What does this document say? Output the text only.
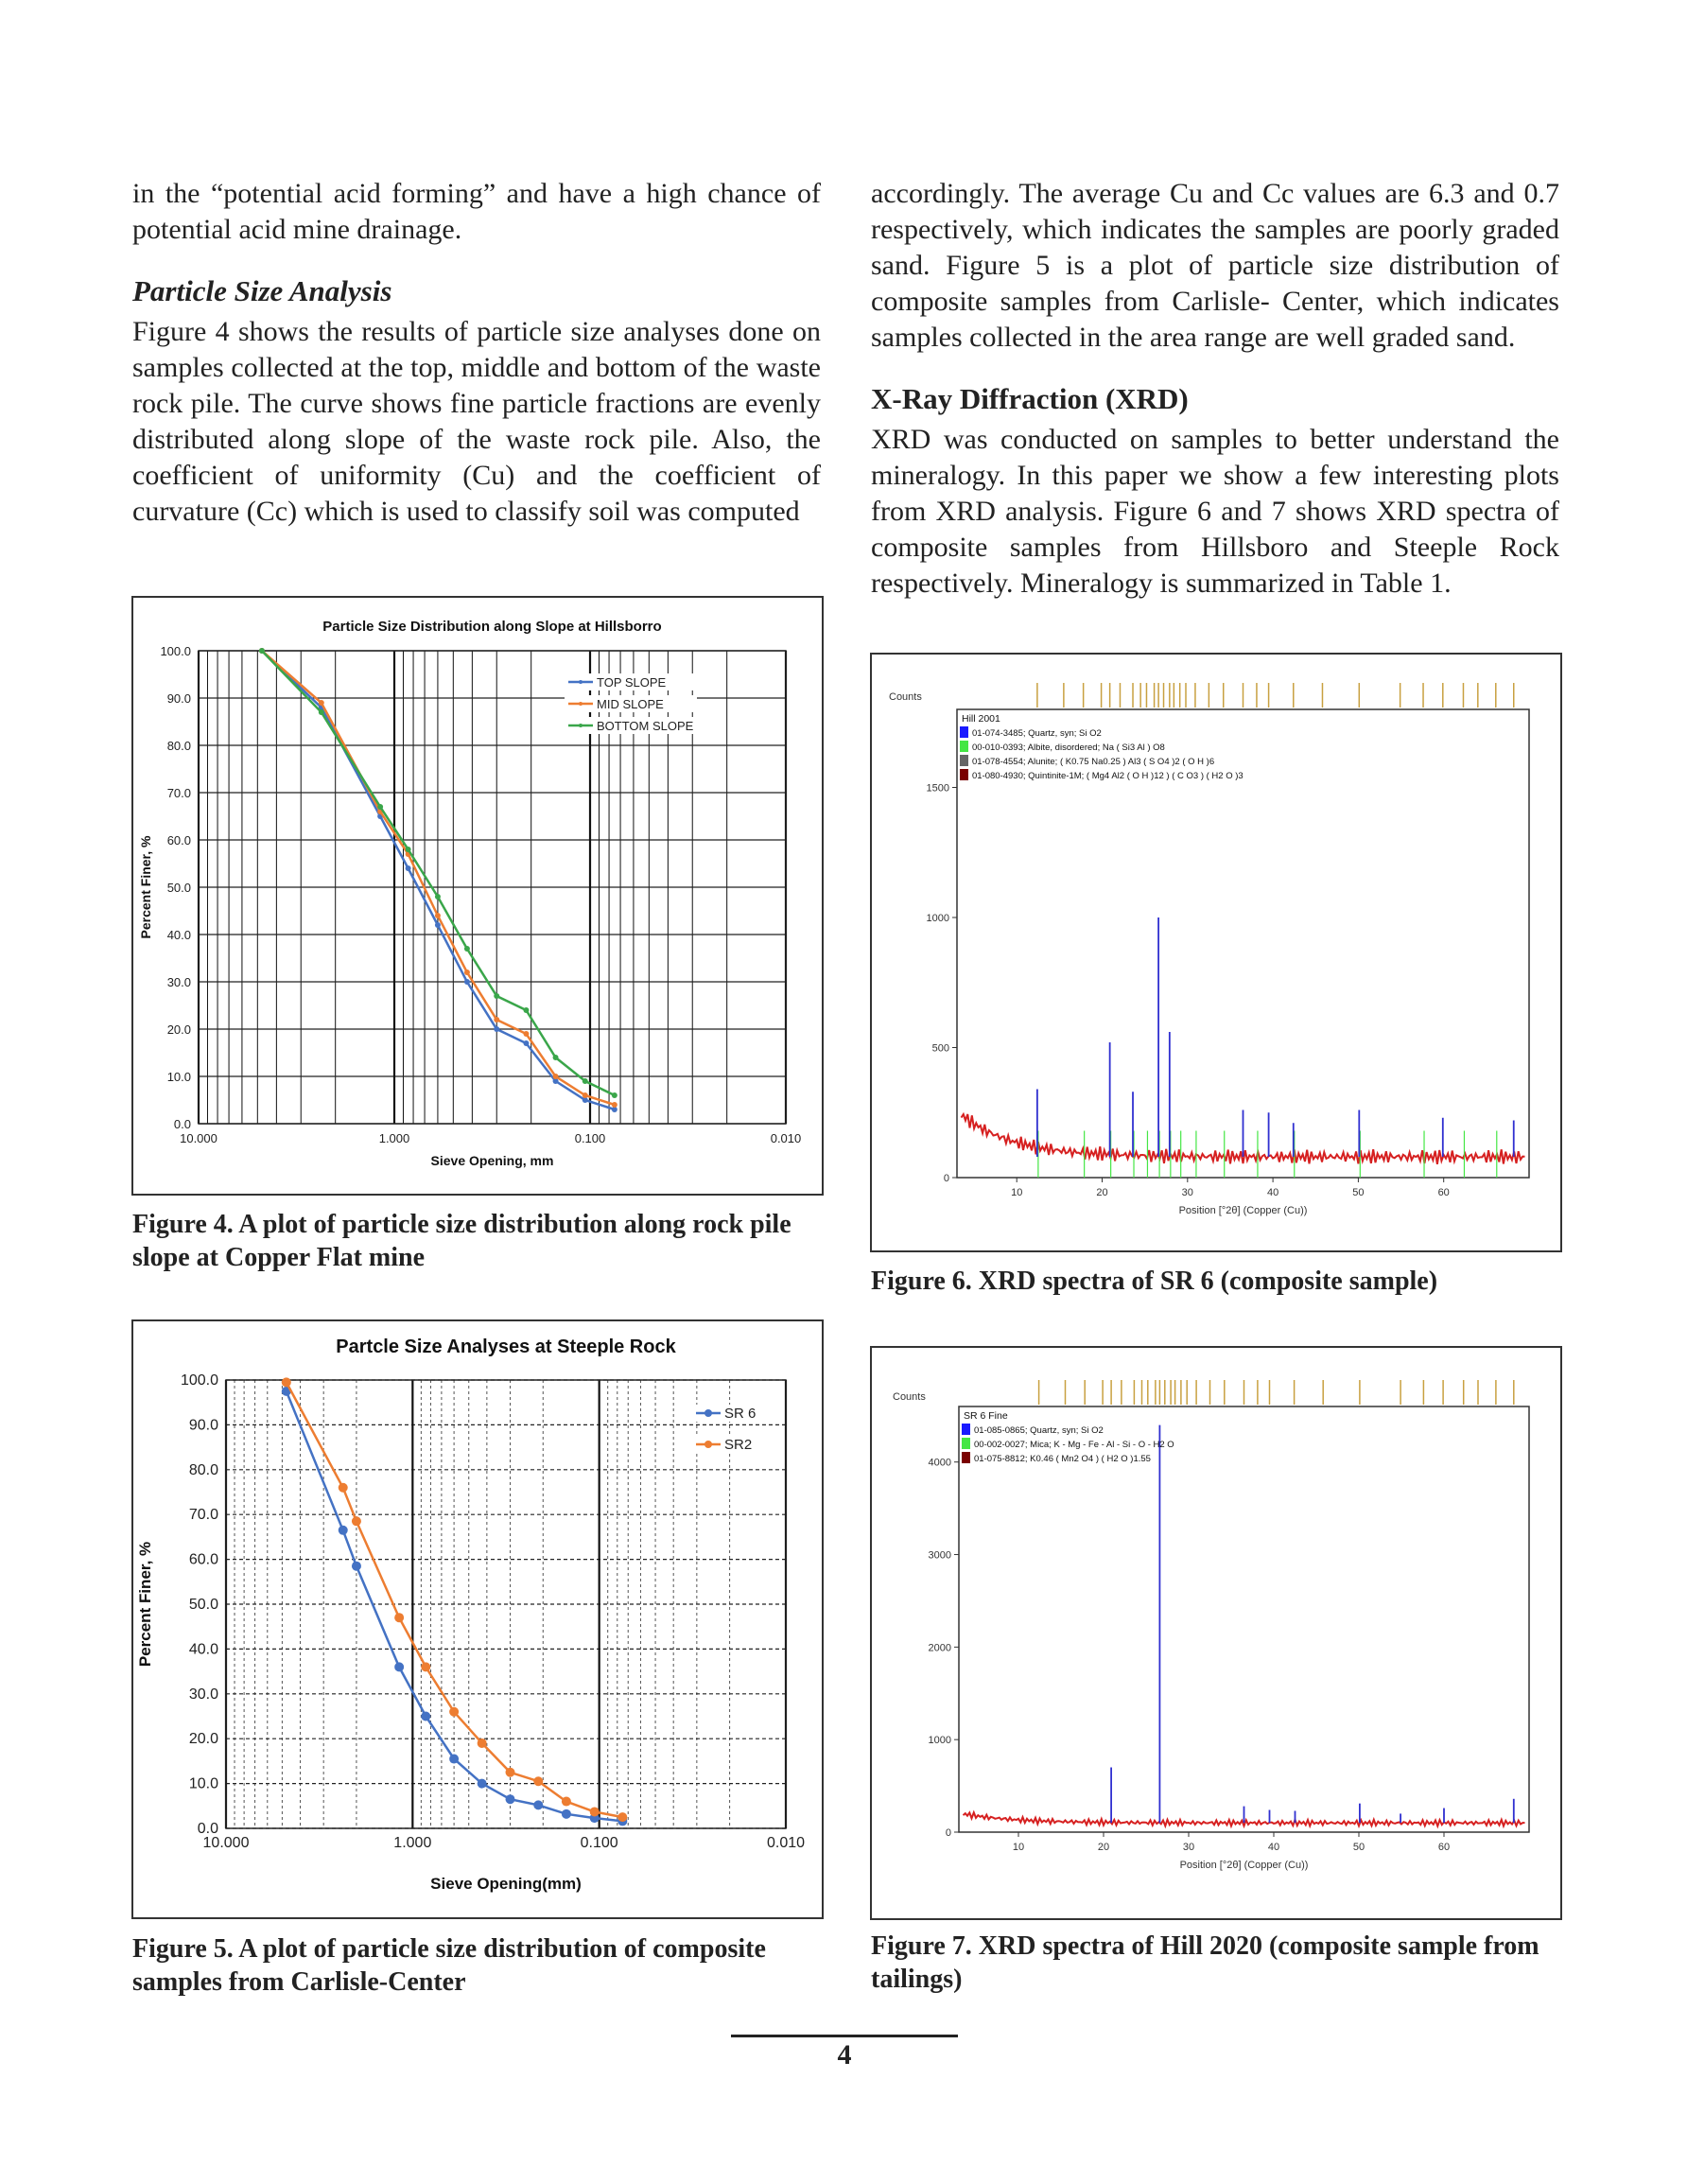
in the “potential acid forming” and have a high chance of potential acid mine drainage.

Particle Size Analysis

Figure 4 shows the results of particle size analyses done on samples collected at the top, middle and bottom of the waste rock pile. The curve shows fine particle fractions are evenly distributed along slope of the waste rock pile. Also, the coefficient of uniformity (Cu) and the coefficient of curvature (Cc) which is used to classify soil was computed

accordingly. The average Cu and Cc values are 6.3 and 0.7 respectively, which indicates the samples are poorly graded sand. Figure 5 is a plot of particle size distribution of composite samples from Carlisle- Center, which indicates samples collected in the area range are well graded sand.

X-Ray Diffraction (XRD)

XRD was conducted on samples to better understand the mineralogy. In this paper we show a few interesting plots from XRD analysis. Figure 6 and 7 shows XRD spectra of composite samples from Hillsboro and Steeple Rock respectively. Mineralogy is summarized in Table 1.

0.0
10.0
20.0
30.0
40.0
50.0
60.0
70.0
80.0
90.0
100.0
10.000	1.000	0.100	0.010
Particle Size Distribution along Slope at Hillsborro
Sieve Opening, mm
Percent Finer, %
TOP SLOPE
MID SLOPE
BOTTOM SLOPE
Figure 4. A plot of particle size distribution along rock pile slope at Copper Flat mine
0.0
10.0
20.0
30.0
40.0
50.0
60.0
70.0
80.0
90.0
100.0
10.000	1.000	0.100	0.010
Partcle Size Analyses at Steeple Rock
Sieve Opening(mm)
Percent Finer, %
SR 6
SR2
Figure 5. A plot of particle size distribution of composite samples from Carlisle-Center
0
500
1000
1500
10	20	30	40	50	60
Counts
Position [°2θ] (Copper (Cu))
Hill 2001
01-074-3485; Quartz, syn; Si O2
00-010-0393; Albite, disordered; Na ( Si3 Al ) O8
01-078-4554; Alunite; ( K0.75 Na0.25 ) Al3 ( S O4 )2 ( O H )6
01-080-4930; Quintinite-1M; ( Mg4 Al2 ( O H )12 ) ( C O3 ) ( H2 O )3
Figure 6. XRD spectra of SR 6 (composite sample)
0
1000
2000
3000
4000
10	20	30	40	50	60
Counts
Position [°2θ] (Copper (Cu))
SR 6 Fine
01-085-0865; Quartz, syn; Si O2
00-002-0027; Mica; K - Mg - Fe - Al - Si - O - H2 O
01-075-8812; K0.46 ( Mn2 O4 ) ( H2 O )1.55
Figure 7. XRD spectra of Hill 2020 (composite sample from tailings)
4
